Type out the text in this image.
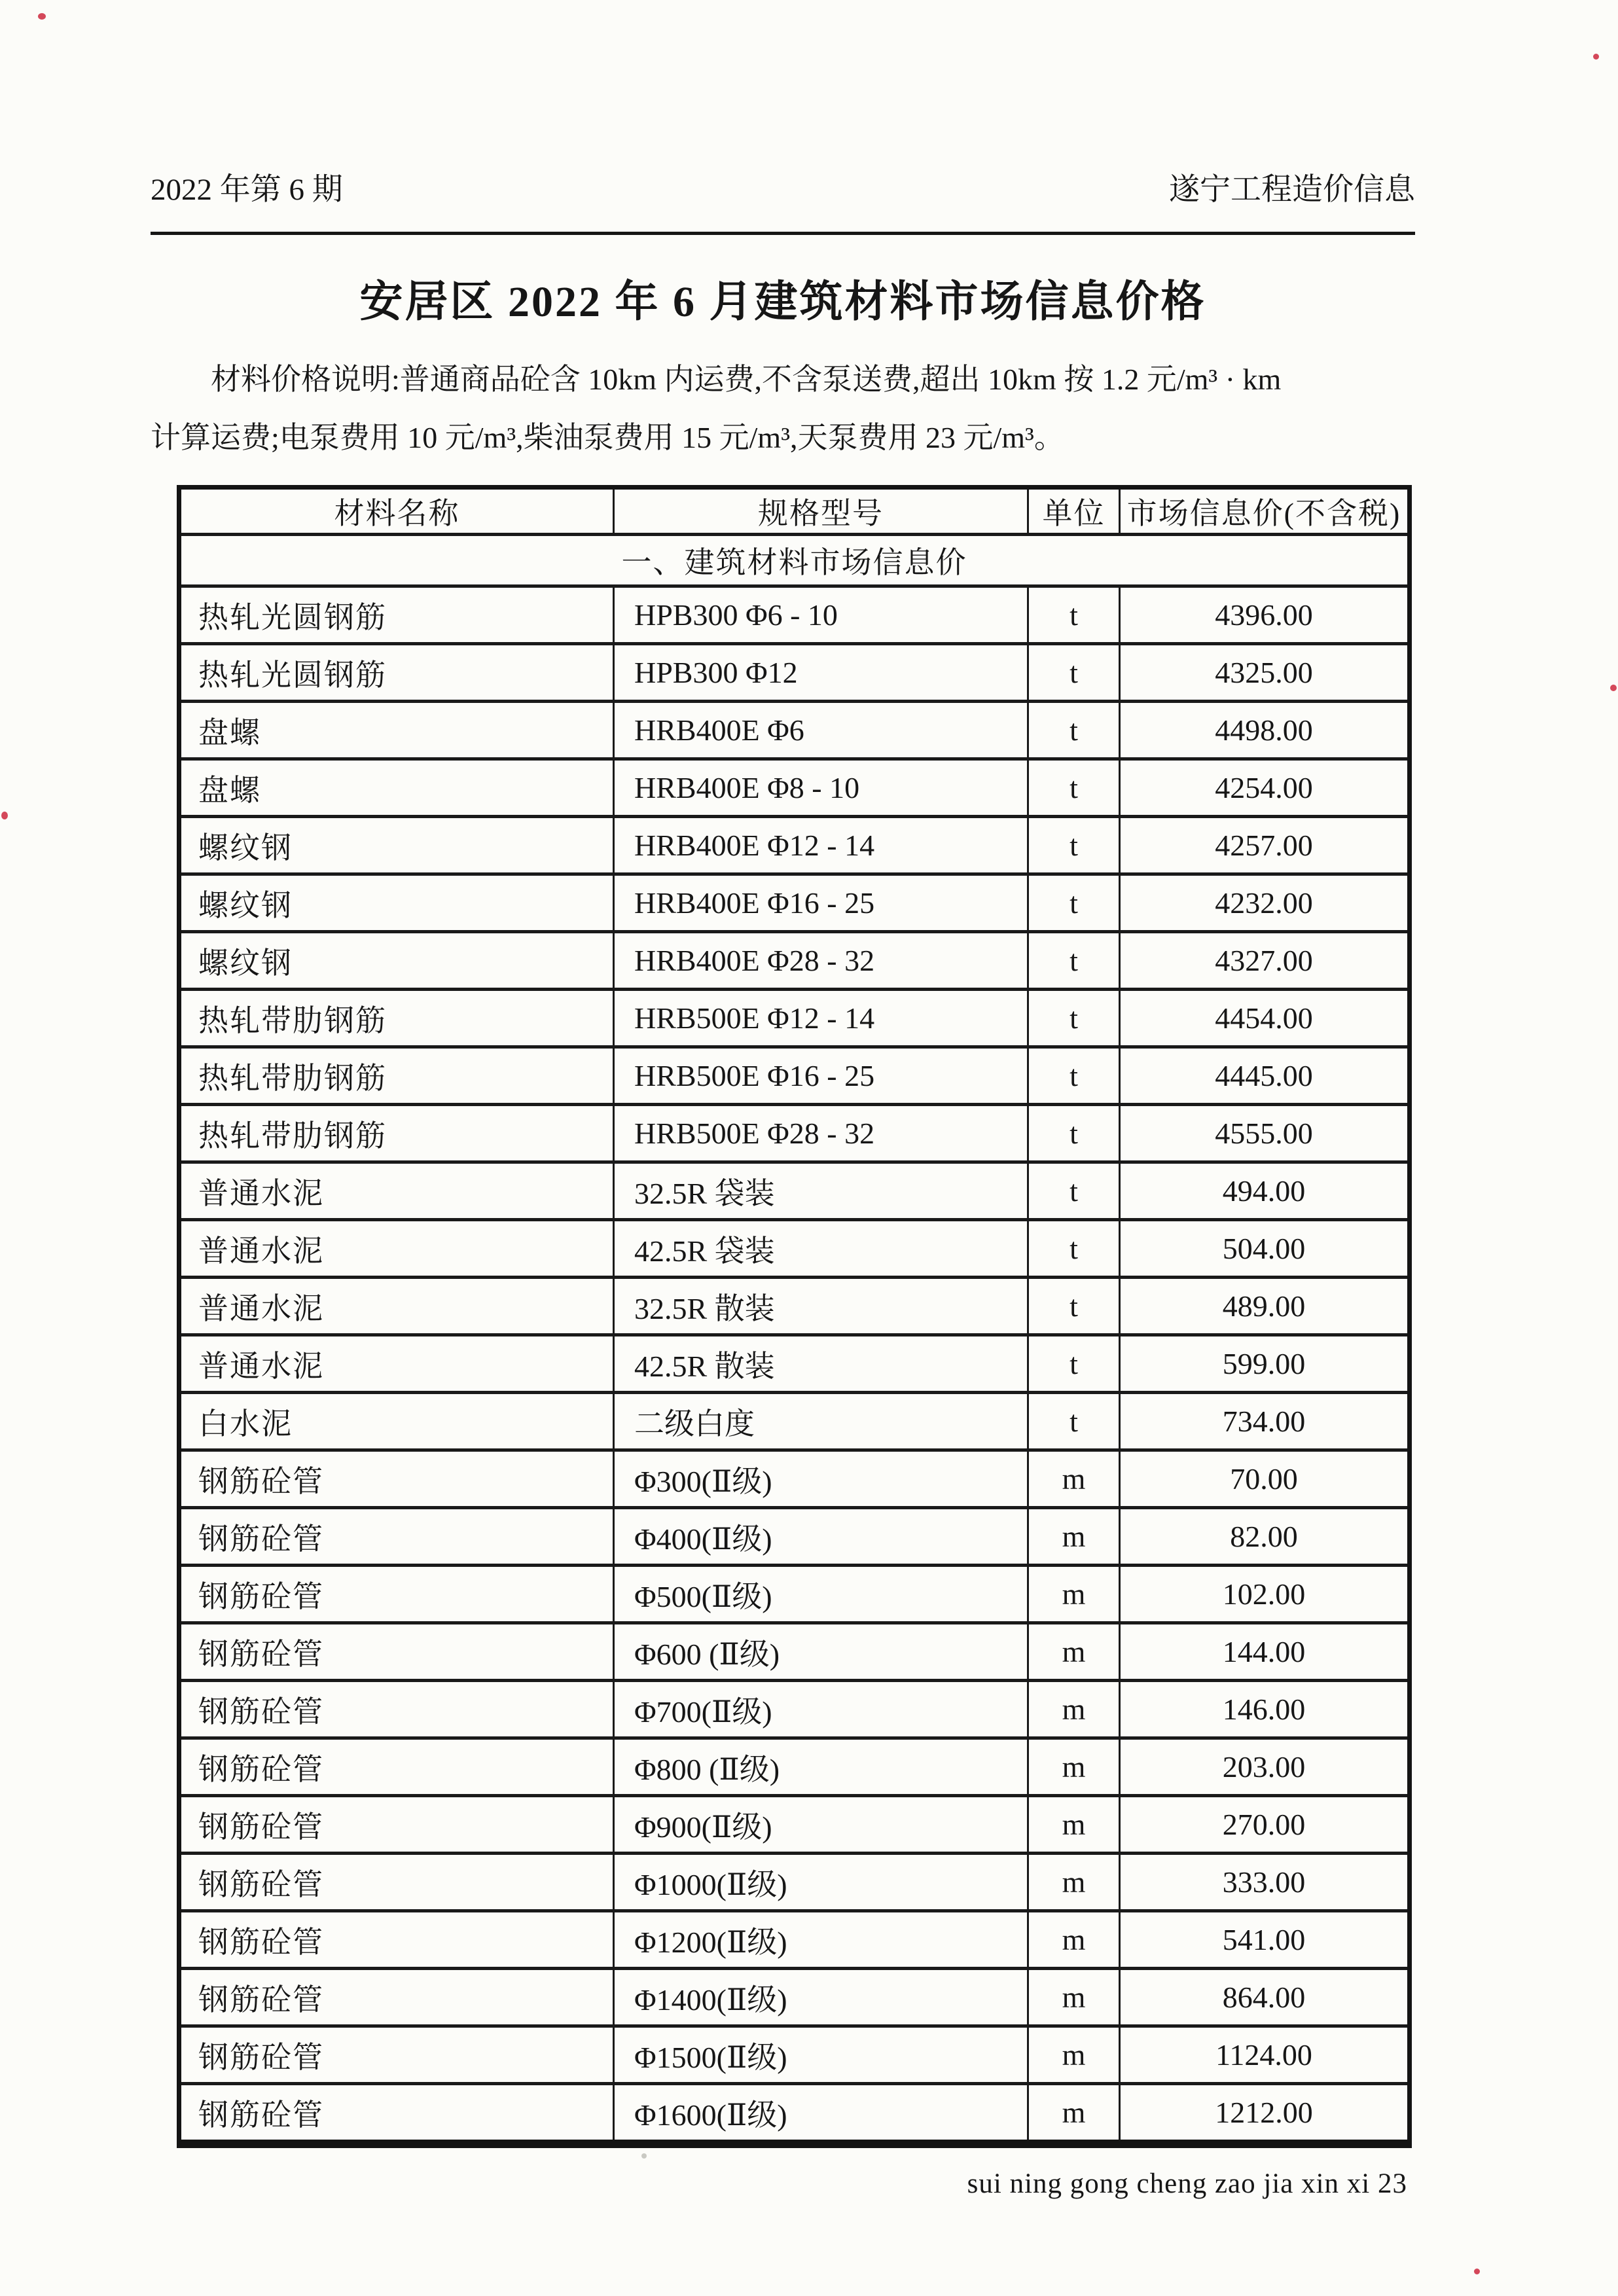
2022 年第 6 期	遂宁工程造价信息
安居区 2022 年 6 月建筑材料市场信息价格
材料价格说明:普通商品砼含 10km 内运费,不含泵送费,超出 10km 按 1.2 元/m³ · km
计算运费;电泵费用 10 元/m³,柴油泵费用 15 元/m³,天泵费用 23 元/m³。
材料名称	规格型号	单位	市场信息价(不含税)
一、建筑材料市场信息价			
热轧光圆钢筋	HPB300 Φ6 - 10	t	4396.00
热轧光圆钢筋	HPB300 Φ12	t	4325.00
盘螺	HRB400E Φ6	t	4498.00
盘螺	HRB400E Φ8 - 10	t	4254.00
螺纹钢	HRB400E Φ12 - 14	t	4257.00
螺纹钢	HRB400E Φ16 - 25	t	4232.00
螺纹钢	HRB400E Φ28 - 32	t	4327.00
热轧带肋钢筋	HRB500E Φ12 - 14	t	4454.00
热轧带肋钢筋	HRB500E Φ16 - 25	t	4445.00
热轧带肋钢筋	HRB500E Φ28 - 32	t	4555.00
普通水泥	32.5R 袋装	t	494.00
普通水泥	42.5R 袋装	t	504.00
普通水泥	32.5R 散装	t	489.00
普通水泥	42.5R 散装	t	599.00
白水泥	二级白度	t	734.00
钢筋砼管	Φ300(Ⅱ级)	m	70.00
钢筋砼管	Φ400(Ⅱ级)	m	82.00
钢筋砼管	Φ500(Ⅱ级)	m	102.00
钢筋砼管	Φ600 (Ⅱ级)	m	144.00
钢筋砼管	Φ700(Ⅱ级)	m	146.00
钢筋砼管	Φ800 (Ⅱ级)	m	203.00
钢筋砼管	Φ900(Ⅱ级)	m	270.00
钢筋砼管	Φ1000(Ⅱ级)	m	333.00
钢筋砼管	Φ1200(Ⅱ级)	m	541.00
钢筋砼管	Φ1400(Ⅱ级)	m	864.00
钢筋砼管	Φ1500(Ⅱ级)	m	1124.00
钢筋砼管	Φ1600(Ⅱ级)	m	1212.00
sui ning gong cheng zao jia xin xi 23
